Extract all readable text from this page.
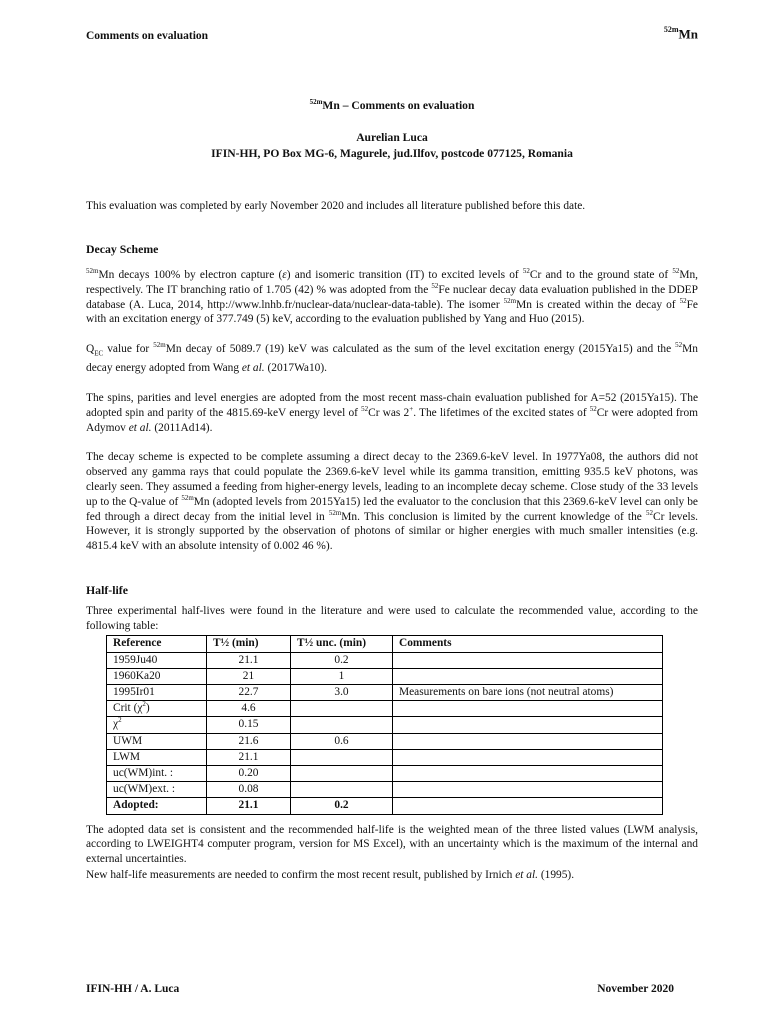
Comments on evaluation
$^{52m}$Mn

$^{52m}$Mn – Comments on evaluation

Aurelian Luca

IFIN-HH, PO Box MG-6, Magurele, jud.Ilfov, postcode 077125, Romania

This evaluation was completed by early November 2020 and includes all literature published before this date.

Decay Scheme

$^{52m}$Mn decays 100% by electron capture (ε) and isomeric transition (IT) to excited levels of $^{52}$Cr and to the ground state of $^{52}$Mn, respectively. The IT branching ratio of 1.705 (42) % was adopted from the $^{52}$Fe nuclear decay data evaluation published in the DDEP database (A. Luca, 2014, http://www.lnhb.fr/nuclear-data/nuclear-data-table). The isomer $^{52m}$Mn is created within the decay of $^{52}$Fe with an excitation energy of 377.749 (5) keV, according to the evaluation published by Yang and Huo (2015).

$Q_{EC}$ value for $^{52m}$Mn decay of 5089.7 (19) keV was calculated as the sum of the level excitation energy (2015Ya15) and the $^{52}$Mn decay energy adopted from Wang et al. (2017Wa10).

The spins, parities and level energies are adopted from the most recent mass-chain evaluation published for A=52 (2015Ya15). The adopted spin and parity of the 4815.69-keV energy level of $^{52}$Cr was 2+. The lifetimes of the excited states of $^{52}$Cr were adopted from Adymov et al. (2011Ad14).

The decay scheme is expected to be complete assuming a direct decay to the 2369.6-keV level. In 1977Ya08, the authors did not observed any gamma rays that could populate the 2369.6-keV level while its gamma transition, emitting 935.5 keV photons, was clearly seen. They assumed a feeding from higher-energy levels, leading to an incomplete decay scheme. Close study of the 33 levels up to the Q-value of $^{52m}$Mn (adopted levels from 2015Ya15) led the evaluator to the conclusion that this 2369.6-keV level can only be fed through a direct decay from the initial level in $^{52m}$Mn. This conclusion is limited by the current knowledge of the $^{52}$Cr levels. However, it is strongly supported by the observation of photons of similar or higher energies with much smaller intensities (e.g. 4815.4 keV with an absolute intensity of 0.002 46 %).

Half-life

Three experimental half-lives were found in the literature and were used to calculate the recommended value, according to the following table:

Reference	T½ (min)	T½ unc. (min)	Comments
1959Ju40	21.1	0.2	
1960Ka20	21	1	
1995Ir01	22.7	3.0	Measurements on bare ions (not neutral atoms)
Crit $(\chi^2)$	4.6		
$\chi^2$	0.15		
UWM	21.6	0.6	
LWM	21.1		
uc(WM)int. :	0.20		
uc(WM)ext. :	0.08		
Adopted:	21.1	0.2	

The adopted data set is consistent and the recommended half-life is the weighted mean of the three listed values (LWM analysis, according to LWEIGHT4 computer program, version for MS Excel), with an uncertainty which is the maximum of the internal and external uncertainties.

New half-life measurements are needed to confirm the most recent result, published by Irnich et al. (1995).

IFIN-HH / A. Luca	November 2020
